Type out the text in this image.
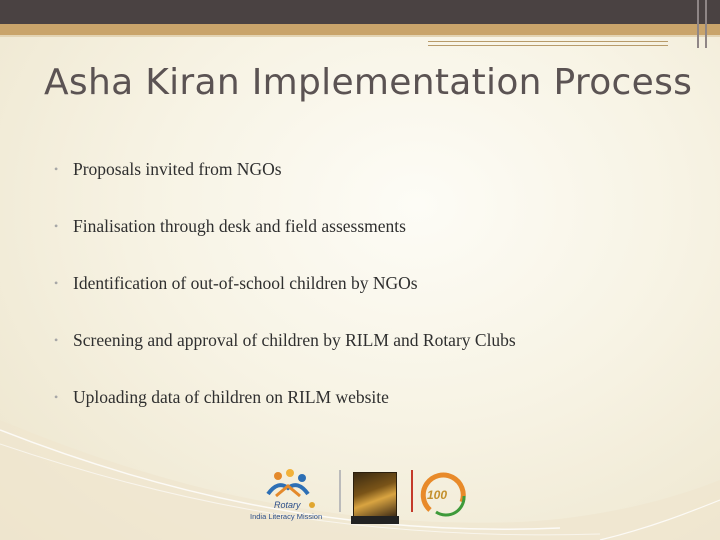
Asha Kiran Implementation Process
• Proposals invited from NGOs
• Finalisation through desk and field assessments
• Identification of out-of-school children by NGOs
• Screening and approval of children by RILM and Rotary Clubs
• Uploading data of children on RILM website
Rotary
India Literacy Mission
100
